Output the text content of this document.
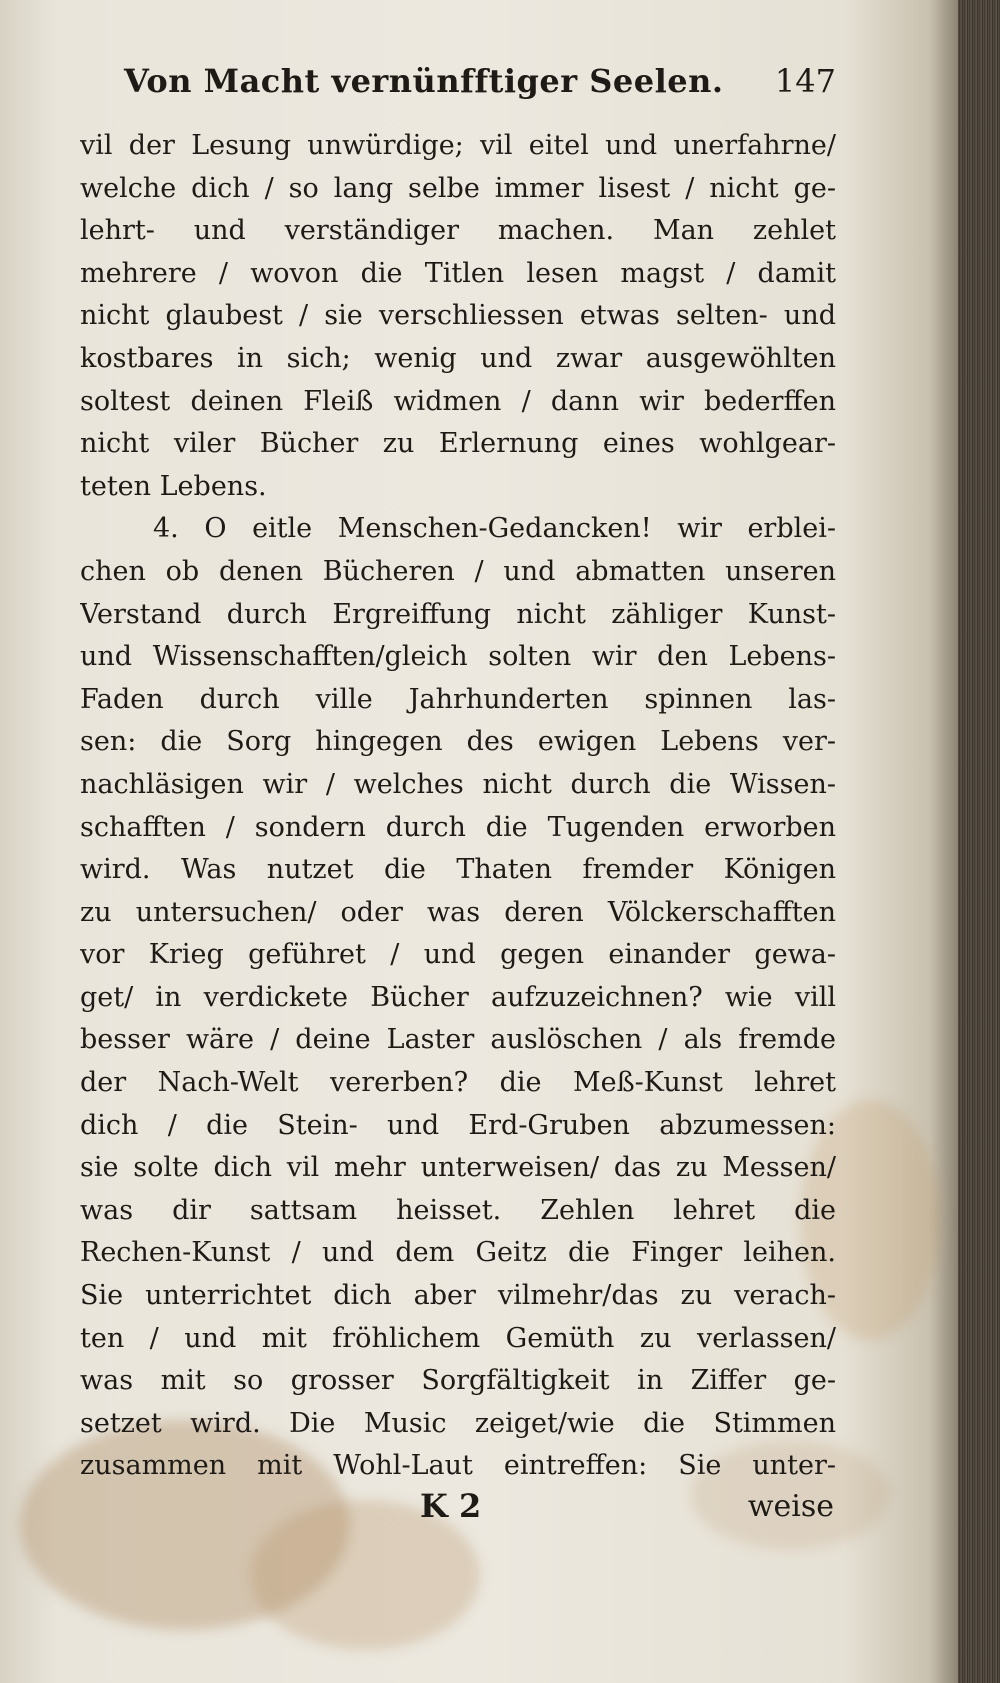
Von Macht vernünfftiger Seelen. 147
vil der Lesung unwürdige; vil eitel und unerfahrne/
welche dich / so lang selbe immer lisest / nicht ge-
lehrt- und verständiger machen. Man zehlet
mehrere / wovon die Titlen lesen magst / damit
nicht glaubest / sie verschliessen etwas selten- und
kostbares in sich; wenig und zwar ausgewöhlten
soltest deinen Fleiß widmen / dann wir bederffen
nicht viler Bücher zu Erlernung eines wohlgear-
teten Lebens.
4. O eitle Menschen-Gedancken! wir erblei-
chen ob denen Bücheren / und abmatten unseren
Verstand durch Ergreiffung nicht zähliger Kunst-
und Wissenschafften/gleich solten wir den Lebens-
Faden durch ville Jahrhunderten spinnen las-
sen: die Sorg hingegen des ewigen Lebens ver-
nachläsigen wir / welches nicht durch die Wissen-
schafften / sondern durch die Tugenden erworben
wird. Was nutzet die Thaten fremder Königen
zu untersuchen/ oder was deren Völckerschafften
vor Krieg geführet / und gegen einander gewa-
get/ in verdickete Bücher aufzuzeichnen? wie vill
besser wäre / deine Laster auslöschen / als fremde
der Nach-Welt vererben? die Meß-Kunst lehret
dich / die Stein- und Erd-Gruben abzumessen:
sie solte dich vil mehr unterweisen/ das zu Messen/
was dir sattsam heisset. Zehlen lehret die
Rechen-Kunst / und dem Geitz die Finger leihen.
Sie unterrichtet dich aber vilmehr/das zu verach-
ten / und mit fröhlichem Gemüth zu verlassen/
was mit so grosser Sorgfältigkeit in Ziffer ge-
setzet wird. Die Music zeiget/wie die Stimmen
zusammen mit Wohl-Laut eintreffen: Sie unter-
K 2	weise
